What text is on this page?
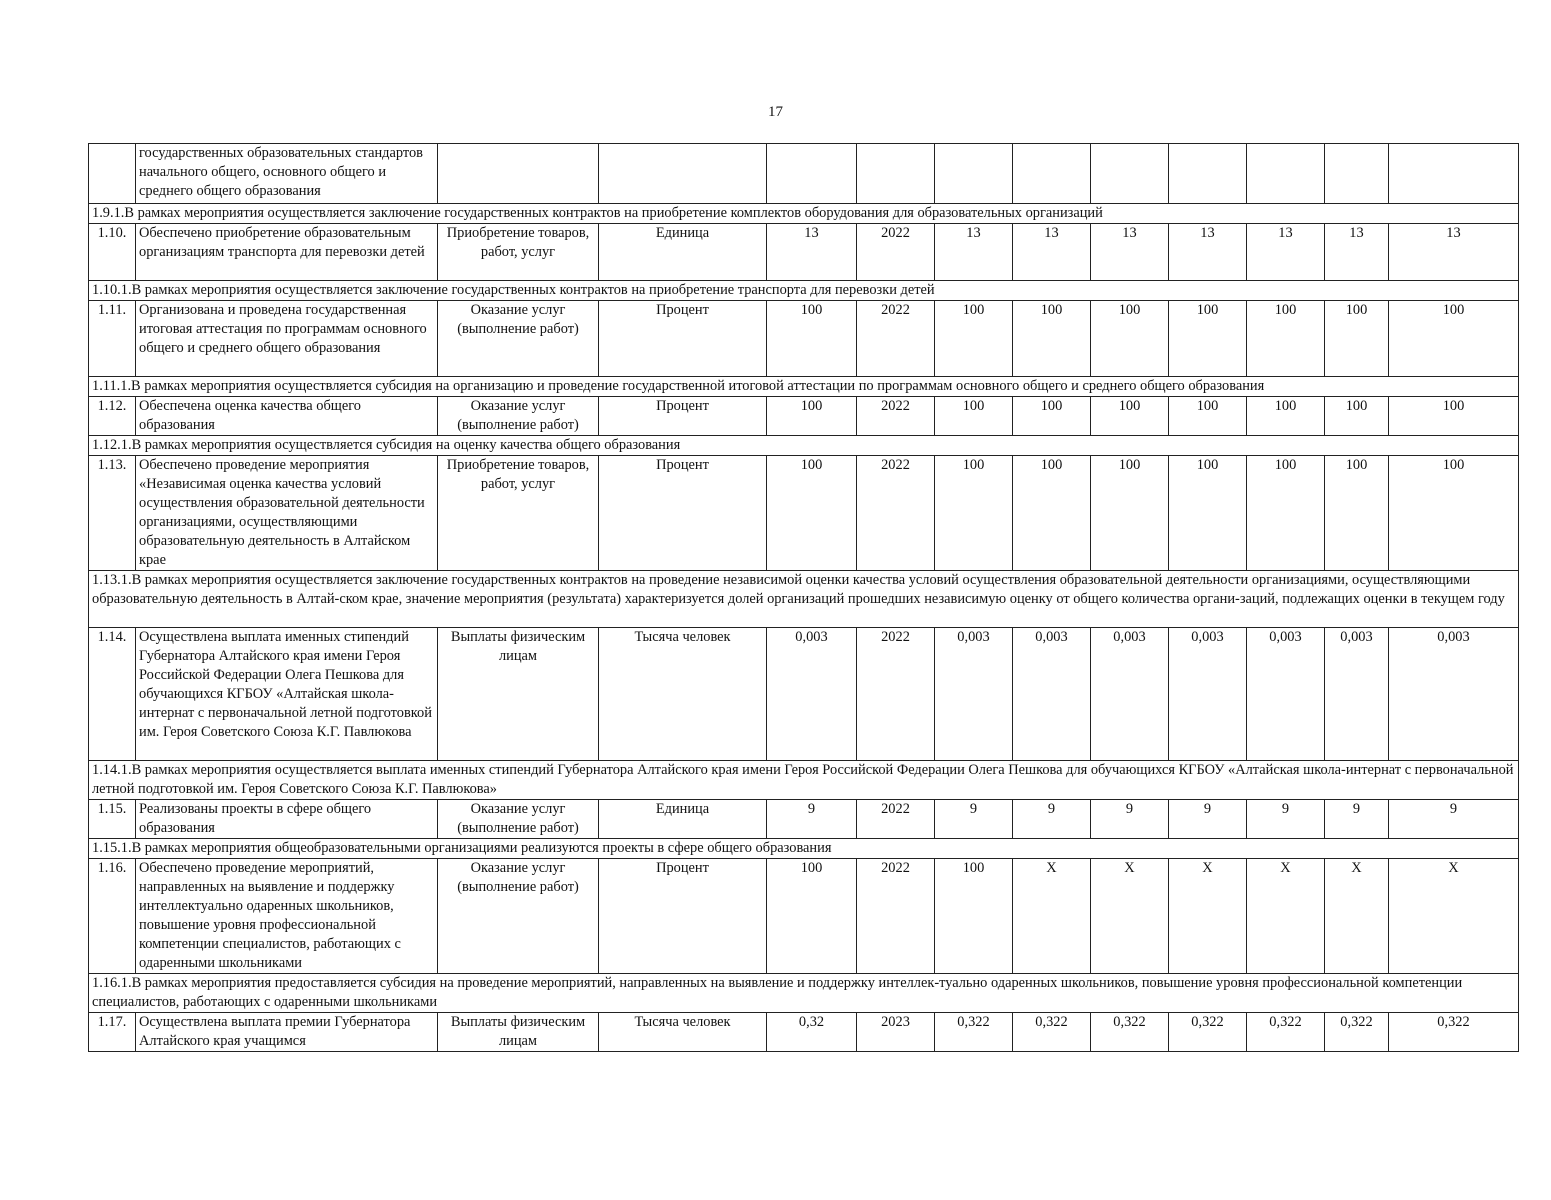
17
	государственных образовательных стандартов начального общего, основного общего и среднего общего образования											
1.9.1.В рамках мероприятия осуществляется заключение государственных контрактов на приобретение комплектов оборудования для образовательных организаций												
1.10.	Обеспечено приобретение образовательным организациям транспорта для перевозки детей	Приобретение товаров, работ, услуг	Единица	13	2022	13	13	13	13	13	13	13
1.10.1.В рамках мероприятия осуществляется заключение государственных контрактов на приобретение транспорта для перевозки детей												
1.11.	Организована и проведена государственная итоговая аттестация по программам основного общего и среднего общего образования	Оказание услуг (выполнение работ)	Процент	100	2022	100	100	100	100	100	100	100
1.11.1.В рамках мероприятия осуществляется субсидия на организацию и проведение государственной итоговой аттестации по программам основного общего и среднего общего образования												
1.12.	Обеспечена оценка качества общего образования	Оказание услуг (выполнение работ)	Процент	100	2022	100	100	100	100	100	100	100
1.12.1.В рамках мероприятия осуществляется субсидия на оценку качества общего образования												
1.13.	Обеспечено проведение мероприятия «Независимая оценка качества условий осуществления образовательной деятельности организациями, осуществляющими образовательную деятельность в Алтайском крае	Приобретение товаров, работ, услуг	Процент	100	2022	100	100	100	100	100	100	100
1.13.1.В рамках мероприятия осуществляется заключение государственных контрактов на проведение независимой оценки качества условий осуществления образовательной деятельности организациями, осуществляющими образовательную деятельность в Алтай-ском крае, значение мероприятия (результата) характеризуется долей организаций прошедших независимую оценку от общего количества органи-заций, подлежащих оценки в текущем году												
1.14.	Осуществлена выплата именных стипендий Губернатора Алтайского края имени Героя Российской Федерации Олега Пешкова для обучающихся КГБОУ «Алтайская школа-интернат с первоначальной летной подготовкой им. Героя Советского Союза К.Г. Павлюкова	Выплаты физическим лицам	Тысяча человек	0,003	2022	0,003	0,003	0,003	0,003	0,003	0,003	0,003
1.14.1.В рамках мероприятия осуществляется выплата именных стипендий Губернатора Алтайского края имени Героя Российской Федерации Олега Пешкова для обучающихся КГБОУ «Алтайская школа-интернат с первоначальной летной подготовкой им. Героя Советского Союза К.Г. Павлюкова»												
1.15.	Реализованы проекты в сфере общего образования	Оказание услуг (выполнение работ)	Единица	9	2022	9	9	9	9	9	9	9
1.15.1.В рамках мероприятия общеобразовательными организациями реализуются проекты в сфере общего образования												
1.16.	Обеспечено проведение мероприятий, направленных на выявление и поддержку интеллектуально одаренных школьников, повышение уровня профессиональной компетенции специалистов, работающих с одаренными школьниками	Оказание услуг (выполнение работ)	Процент	100	2022	100	X	X	X	X	X	X
1.16.1.В рамках мероприятия предоставляется субсидия на проведение мероприятий, направленных на выявление и поддержку интеллек-туально одаренных школьников, повышение уровня профессиональной компетенции специалистов, работающих с одаренными школьниками												
1.17.	Осуществлена выплата премии Губернатора Алтайского края учащимся	Выплаты физическим лицам	Тысяча человек	0,32	2023	0,322	0,322	0,322	0,322	0,322	0,322	0,322
